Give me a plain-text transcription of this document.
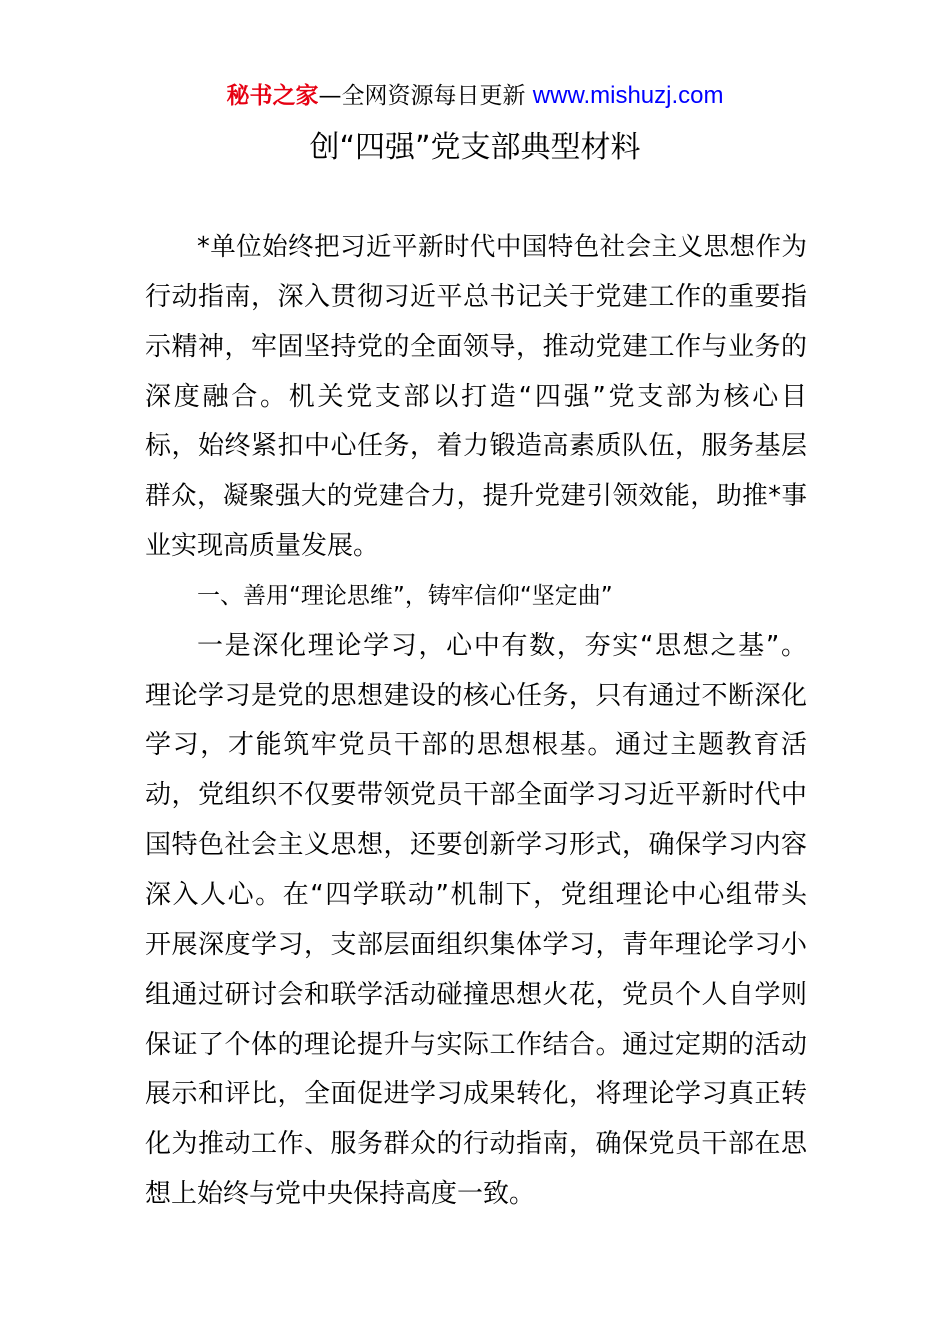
秘书之家—全网资源每日更新 www.mishuzj.com
创“四强”党支部典型材料
*单位始终把习近平新时代中国特色社会主义思想作为
行动指南，深入贯彻习近平总书记关于党建工作的重要指
示精神，牢固坚持党的全面领导，推动党建工作与业务的
深度融合。机关党支部以打造“四强”党支部为核心目
标，始终紧扣中心任务，着力锻造高素质队伍，服务基层
群众，凝聚强大的党建合力，提升党建引领效能，助推*事
业实现高质量发展。
一、善用“理论思维”，铸牢信仰“坚定曲”
一是深化理论学习，心中有数，夯实“思想之基”。
理论学习是党的思想建设的核心任务，只有通过不断深化
学习，才能筑牢党员干部的思想根基。通过主题教育活
动，党组织不仅要带领党员干部全面学习习近平新时代中
国特色社会主义思想，还要创新学习形式，确保学习内容
深入人心。在“四学联动”机制下，党组理论中心组带头
开展深度学习，支部层面组织集体学习，青年理论学习小
组通过研讨会和联学活动碰撞思想火花，党员个人自学则
保证了个体的理论提升与实际工作结合。通过定期的活动
展示和评比，全面促进学习成果转化，将理论学习真正转
化为推动工作、服务群众的行动指南，确保党员干部在思
想上始终与党中央保持高度一致。
